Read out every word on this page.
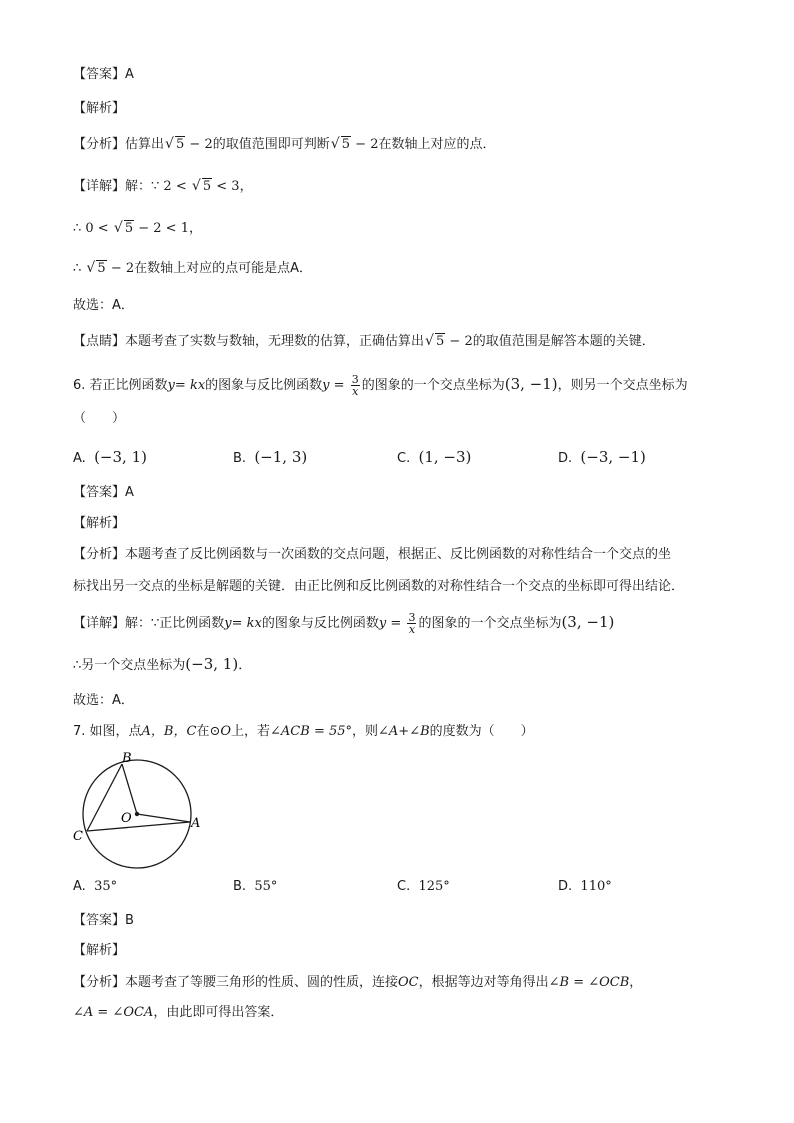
【答案】A
【解析】
【分析】估算出 √ 5 − 2的取值范围即可判断 √ 5 − 2在数轴上对应的点．
【详解】解：∵ 2 < √ 5 < 3，
∴ 0 < √ 5 − 2 < 1，
∴ √ 5 − 2在数轴上对应的点可能是点A．
故选：A．
【点睛】本题考查了实数与数轴，无理数的估算，正确估算出 √ 5 − 2的取值范围是解答本题的关键．
6. 若正比例函数y= kx的图象与反比例函数$y = \frac{3}{x}$ 的图象的一个交点坐标为(3, −1)，则另一个交点坐标为
（　　）
A. (−3, 1)	B. (−1, 3)	C. (1, −3)	D. (−3, −1)
【答案】A
【解析】
【分析】本题考查了反比例函数与一次函数的交点问题，根据正、反比例函数的对称性结合一个交点的坐
标找出另一交点的坐标是解题的关键．由正比例和反比例函数的对称性结合一个交点的坐标即可得出结论．
【详解】解：∵正比例函数y= kx的图象与反比例函数$y = \frac{3}{x}$ 的图象的一个交点坐标为(3, −1)
∴另一个交点坐标为(−3, 1)．
故选：A．
7. 如图，点A，B，C在⊙O上，若∠ACB = 55°，则∠A+∠B的度数为（　　）
B
O	A
C
A. 35°	B. 55°	C. 125°	D. 110°
【答案】B
【解析】
【分析】本题考查了等腰三角形的性质、圆的性质，连接OC，根据等边对等角得出∠B = ∠OCB，
∠A = ∠OCA，由此即可得出答案．
